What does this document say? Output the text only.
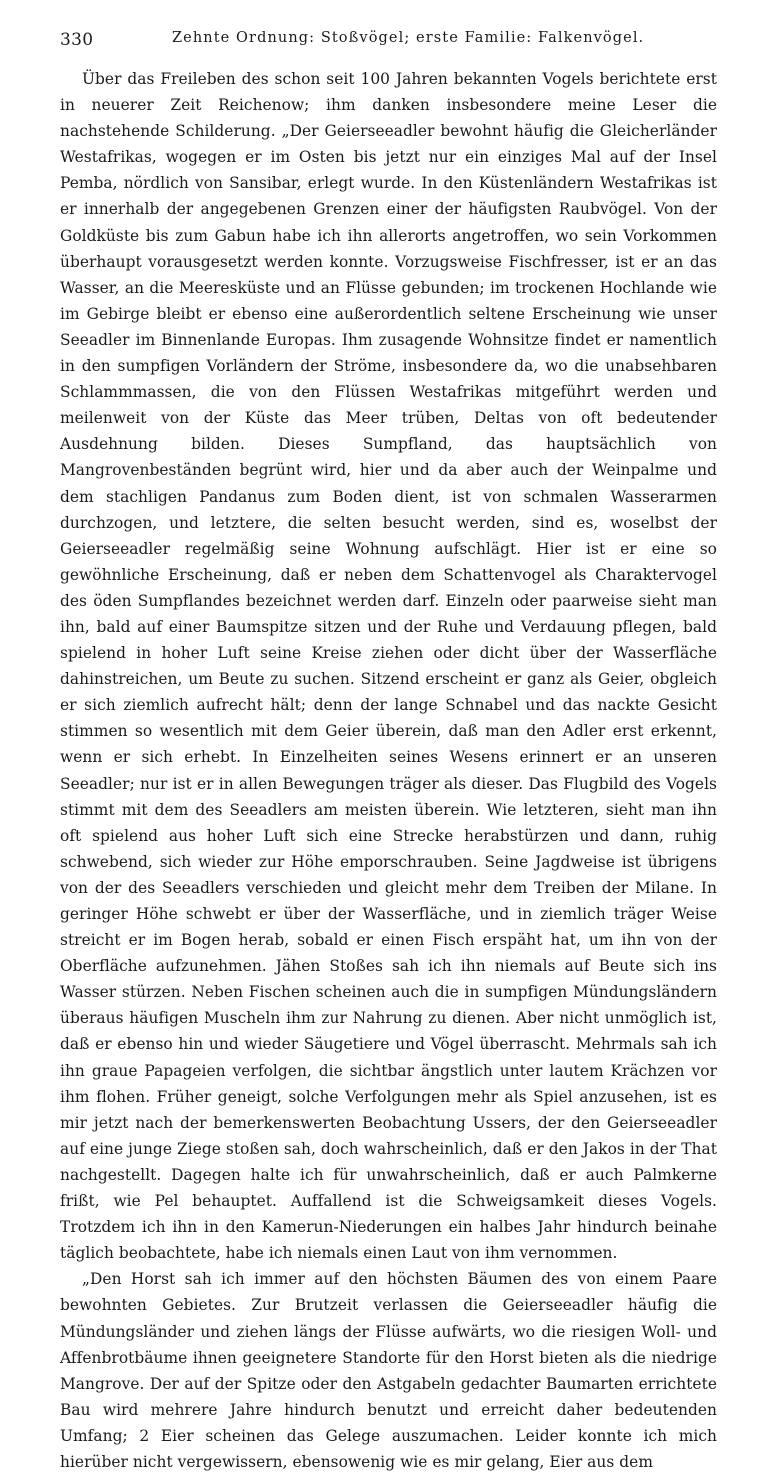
330	Zehnte Ordnung: Stoßvögel; erste Familie: Falkenvögel.

Über das Freileben des schon seit 100 Jahren bekannten Vogels berichtete erst in neuerer Zeit Reichenow; ihm danken insbesondere meine Leser die nachstehende Schilderung. „Der Geierseeadler bewohnt häufig die Gleicherländer Westafrikas, wogegen er im Osten bis jetzt nur ein einziges Mal auf der Insel Pemba, nördlich von Sansibar, erlegt wurde. In den Küstenländern Westafrikas ist er innerhalb der angegebenen Grenzen einer der häufigsten Raubvögel. Von der Goldküste bis zum Gabun habe ich ihn allerorts angetroffen, wo sein Vorkommen überhaupt vorausgesetzt werden konnte. Vorzugsweise Fischfresser, ist er an das Wasser, an die Meeresküste und an Flüsse gebunden; im trockenen Hochlande wie im Gebirge bleibt er ebenso eine außerordentlich seltene Erscheinung wie unser Seeadler im Binnenlande Europas. Ihm zusagende Wohnsitze findet er namentlich in den sumpfigen Vorländern der Ströme, insbesondere da, wo die unabsehbaren Schlammmassen, die von den Flüssen Westafrikas mitgeführt werden und meilenweit von der Küste das Meer trüben, Deltas von oft bedeutender Ausdehnung bilden. Dieses Sumpfland, das hauptsächlich von Mangrovenbeständen begrünt wird, hier und da aber auch der Weinpalme und dem stachligen Pandanus zum Boden dient, ist von schmalen Wasserarmen durchzogen, und letztere, die selten besucht werden, sind es, woselbst der Geierseeadler regelmäßig seine Wohnung aufschlägt. Hier ist er eine so gewöhnliche Erscheinung, daß er neben dem Schattenvogel als Charaktervogel des öden Sumpflandes bezeichnet werden darf. Einzeln oder paarweise sieht man ihn, bald auf einer Baumspitze sitzen und der Ruhe und Verdauung pflegen, bald spielend in hoher Luft seine Kreise ziehen oder dicht über der Wasserfläche dahinstreichen, um Beute zu suchen. Sitzend erscheint er ganz als Geier, obgleich er sich ziemlich aufrecht hält; denn der lange Schnabel und das nackte Gesicht stimmen so wesentlich mit dem Geier überein, daß man den Adler erst erkennt, wenn er sich erhebt. In Einzelheiten seines Wesens erinnert er an unseren Seeadler; nur ist er in allen Bewegungen träger als dieser. Das Flugbild des Vogels stimmt mit dem des Seeadlers am meisten überein. Wie letzteren, sieht man ihn oft spielend aus hoher Luft sich eine Strecke herabstürzen und dann, ruhig schwebend, sich wieder zur Höhe emporschrauben. Seine Jagdweise ist übrigens von der des Seeadlers verschieden und gleicht mehr dem Treiben der Milane. In geringer Höhe schwebt er über der Wasserfläche, und in ziemlich träger Weise streicht er im Bogen herab, sobald er einen Fisch erspäht hat, um ihn von der Oberfläche aufzunehmen. Jähen Stoßes sah ich ihn niemals auf Beute sich ins Wasser stürzen. Neben Fischen scheinen auch die in sumpfigen Mündungsländern überaus häufigen Muscheln ihm zur Nahrung zu dienen. Aber nicht unmöglich ist, daß er ebenso hin und wieder Säugetiere und Vögel überrascht. Mehrmals sah ich ihn graue Papageien verfolgen, die sichtbar ängstlich unter lautem Krächzen vor ihm flohen. Früher geneigt, solche Verfolgungen mehr als Spiel anzusehen, ist es mir jetzt nach der bemerkenswerten Beobachtung Ussers, der den Geierseeadler auf eine junge Ziege stoßen sah, doch wahrscheinlich, daß er den Jakos in der That nachgestellt. Dagegen halte ich für unwahrscheinlich, daß er auch Palmkerne frißt, wie Pel behauptet. Auffallend ist die Schweigsamkeit dieses Vogels. Trotzdem ich ihn in den Kamerun-Niederungen ein halbes Jahr hindurch beinahe täglich beobachtete, habe ich niemals einen Laut von ihm vernommen.

„Den Horst sah ich immer auf den höchsten Bäumen des von einem Paare bewohnten Gebietes. Zur Brutzeit verlassen die Geierseeadler häufig die Mündungsländer und ziehen längs der Flüsse aufwärts, wo die riesigen Woll- und Affenbrotbäume ihnen geeignetere Standorte für den Horst bieten als die niedrige Mangrove. Der auf der Spitze oder den Astgabeln gedachter Baumarten errichtete Bau wird mehrere Jahre hindurch benutzt und erreicht daher bedeutenden Umfang; 2 Eier scheinen das Gelege auszumachen. Leider konnte ich mich hierüber nicht vergewissern, ebensowenig wie es mir gelang, Eier aus dem
